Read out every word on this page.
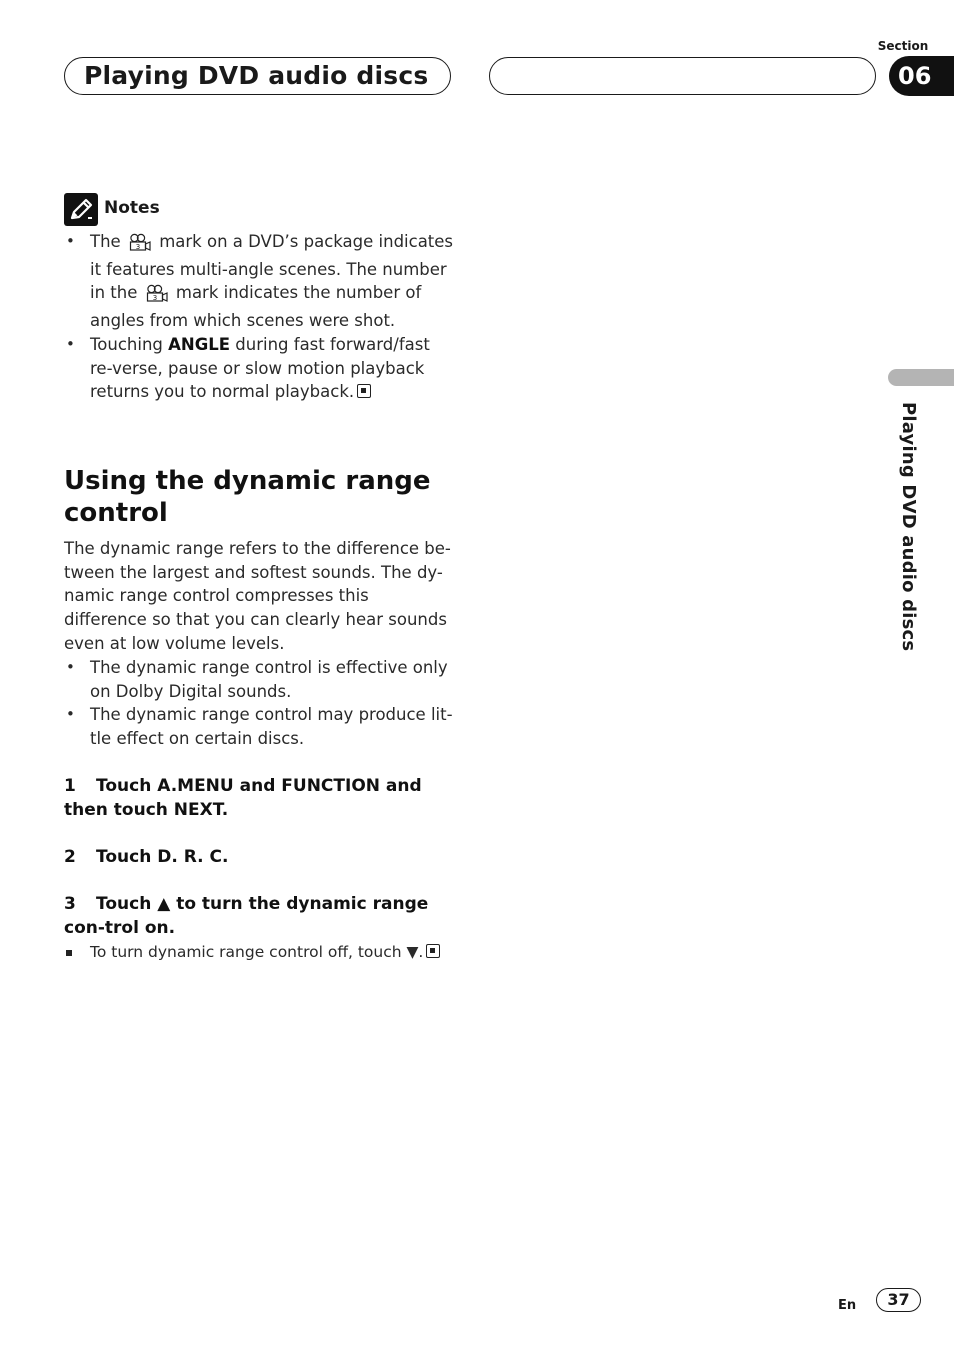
Playing DVD audio discs
Section
06
Playing DVD audio discs
Notes
• The 3 mark on a DVD’s package indicates it features multi-angle scenes. The number in the 3 mark indicates the number of angles from which scenes were shot.
• Touching ANGLE during fast forward/fast re-verse, pause or slow motion playback returns you to normal playback.
Using the dynamic range control
The dynamic range refers to the difference be-tween the largest and softest sounds. The dy-namic range control compresses this difference so that you can clearly hear sounds even at low volume levels.
• The dynamic range control is effective only on Dolby Digital sounds.
• The dynamic range control may produce lit-tle effect on certain discs.
1 Touch A.MENU and FUNCTION and then touch NEXT.
2 Touch D. R. C.
3 Touch ▲ to turn the dynamic range con-trol on.
To turn dynamic range control off, touch ▼.
En	37
